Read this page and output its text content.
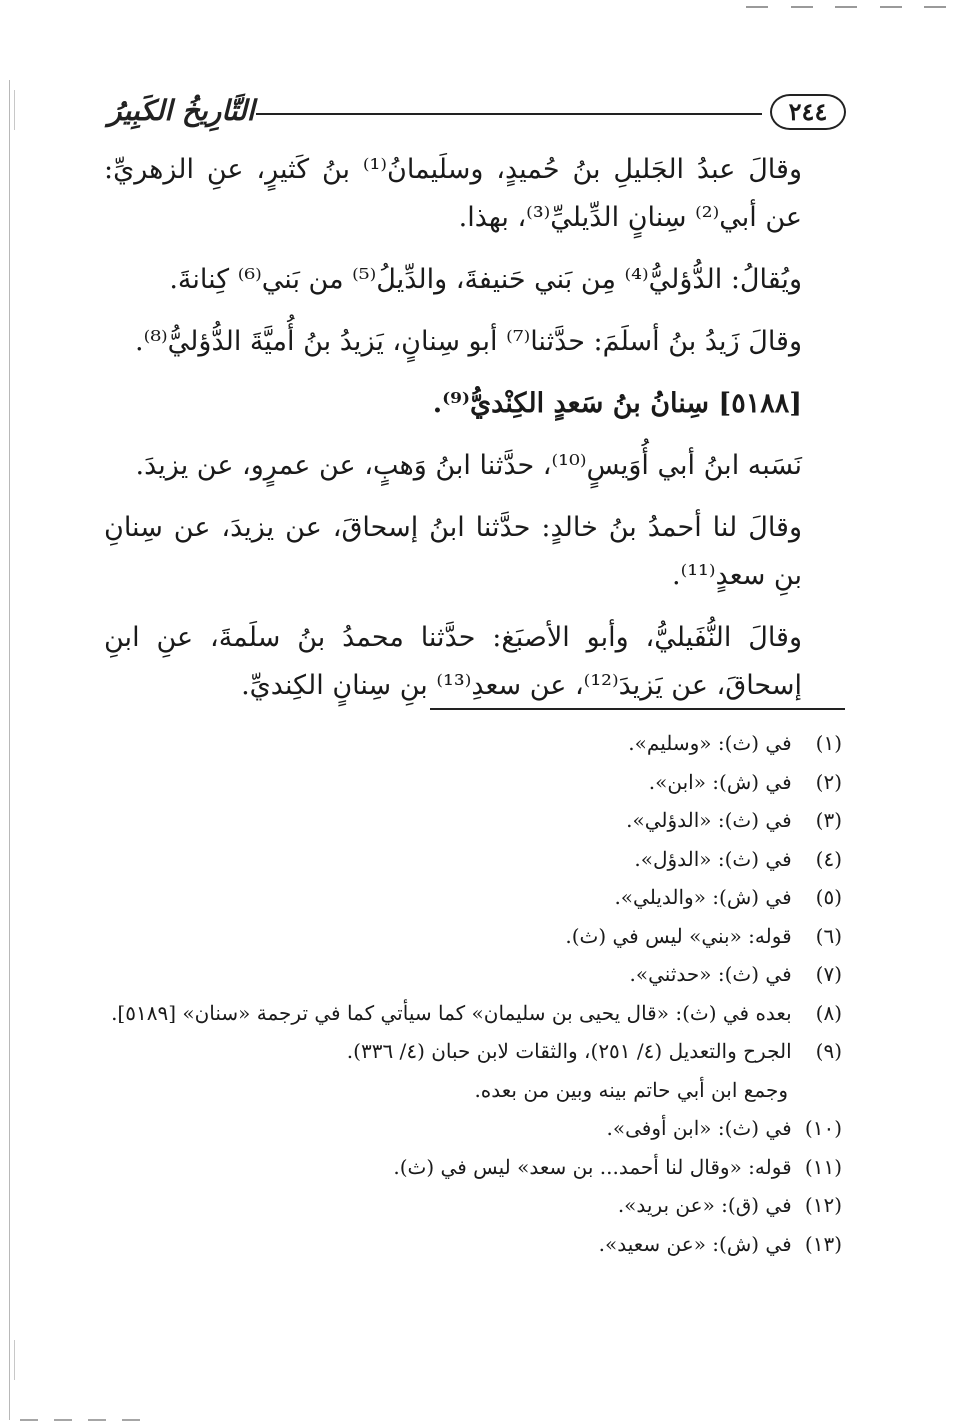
التَّارِيخُ الكَبِيرُ	٢٤٤

وقالَ عبدُ الجَليلِ بنُ حُميدٍ، وسلَيمانُ⁽¹⁾ بنُ كَثيرٍ، عنِ الزهريِّ: عن أبي⁽²⁾ سِنانٍ الدِّيليِّ⁽³⁾، بهذا.

ويُقالُ: الدُّؤليُّ⁽⁴⁾ مِن بَني حَنيفةَ، والدِّيلُ⁽⁵⁾ من بَني⁽⁶⁾ كِنانةَ.

وقالَ زَيدُ بنُ أسلَمَ: حدَّثنا⁽⁷⁾ أبو سِنانٍ، يَزيدُ بنُ أُميَّةَ الدُّؤليُّ⁽⁸⁾.

[٥١٨٨] سِنانُ بنُ سَعدٍ الكِنْديُّ⁽⁹⁾.

نَسَبه ابنُ أبي أُوَيسٍ⁽¹⁰⁾، حدَّثنا ابنُ وَهبٍ، عن عمرٍو، عن يزيدَ.

وقالَ لنا أحمدُ بنُ خالدٍ: حدَّثنا ابنُ إسحاقَ، عن يزيدَ، عن سِنانِ بنِ سعدٍ⁽¹¹⁾.

وقالَ النُّفَيليُّ، وأبو الأصبَغ: حدَّثنا محمدُ بنُ سلَمةَ، عنِ ابنِ إسحاقَ، عن يَزيدَ⁽¹²⁾، عن سعدِ⁽¹³⁾ بنِ سِنانٍ الكِنديِّ.

(١) في (ث): «وسليم».
(٢) في (ش): «ابن».
(٣) في (ث): «الدؤلي».
(٤) في (ث): «الدؤل».
(٥) في (ش): «والديلي».
(٦) قوله: «بني» ليس في (ث).
(٧) في (ث): «حدثني».
(٨) بعده في (ث): «قال يحيى بن سليمان» كما سيأتي كما في ترجمة «سنان» [٥١٨٩].
(٩) الجرح والتعديل (٤/ ٢٥١)، والثقات لابن حبان (٤/ ٣٣٦).
وجمع ابن أبي حاتم بينه وبين من بعده.
(١٠) في (ث): «ابن أوفى».
(١١) قوله: «وقال لنا أحمد... بن سعد» ليس في (ث).
(١٢) في (ق): «عن بريد».
(١٣) في (ش): «عن سعيد».
